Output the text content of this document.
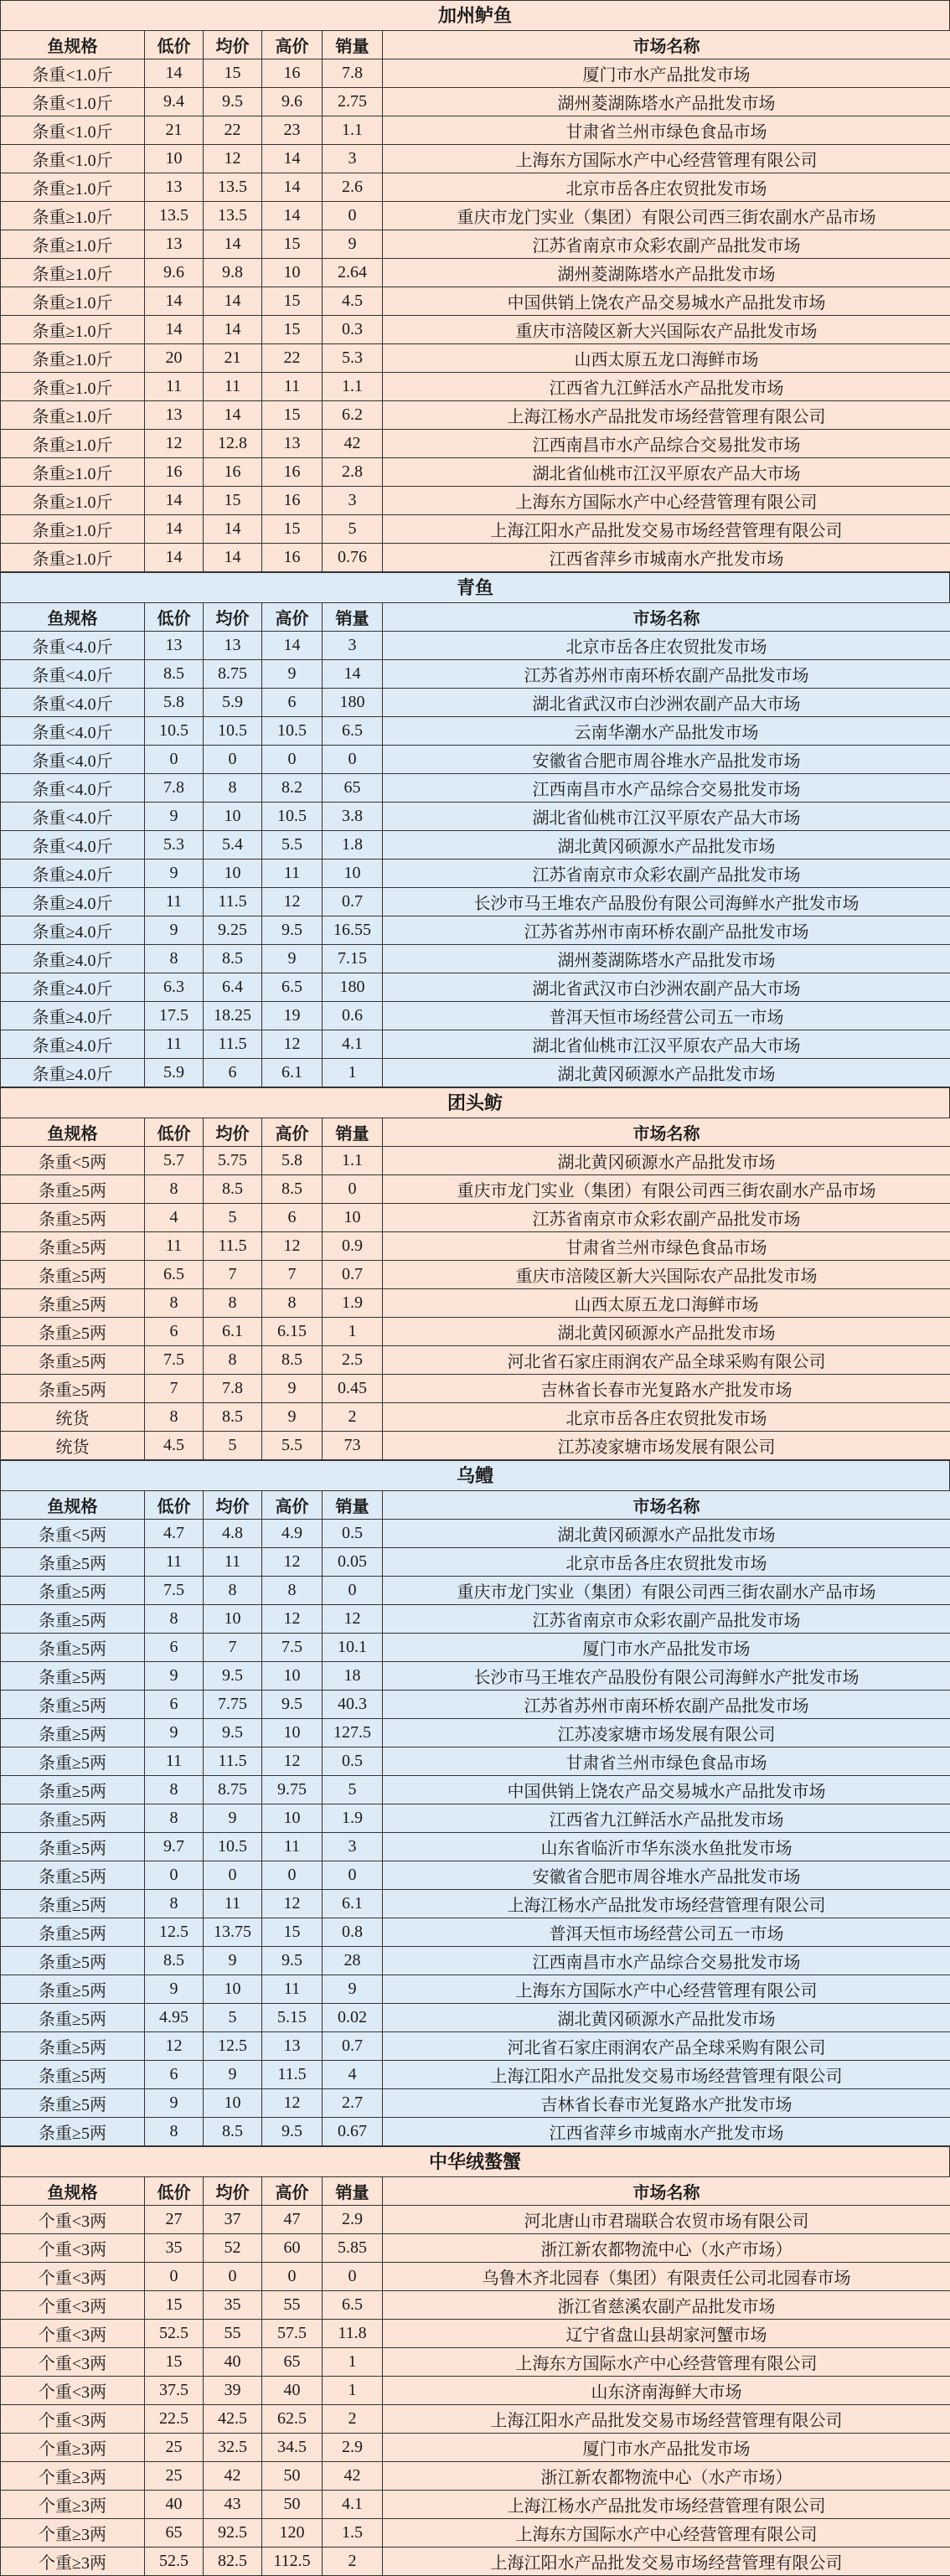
加州鲈鱼
鱼规格	低价	均价	高价	销量	市场名称
条重<1.0斤	14	15	16	7.8	厦门市水产品批发市场
条重<1.0斤	9.4	9.5	9.6	2.75	湖州菱湖陈塔水产品批发市场
条重<1.0斤	21	22	23	1.1	甘肃省兰州市绿色食品市场
条重<1.0斤	10	12	14	3	上海东方国际水产中心经营管理有限公司
条重≥1.0斤	13	13.5	14	2.6	北京市岳各庄农贸批发市场
条重≥1.0斤	13.5	13.5	14	0	重庆市龙门实业（集团）有限公司西三街农副水产品市场
条重≥1.0斤	13	14	15	9	江苏省南京市众彩农副产品批发市场
条重≥1.0斤	9.6	9.8	10	2.64	湖州菱湖陈塔水产品批发市场
条重≥1.0斤	14	14	15	4.5	中国供销上饶农产品交易城水产品批发市场
条重≥1.0斤	14	14	15	0.3	重庆市涪陵区新大兴国际农产品批发市场
条重≥1.0斤	20	21	22	5.3	山西太原五龙口海鲜市场
条重≥1.0斤	11	11	11	1.1	江西省九江鲜活水产品批发市场
条重≥1.0斤	13	14	15	6.2	上海江杨水产品批发市场经营管理有限公司
条重≥1.0斤	12	12.8	13	42	江西南昌市水产品综合交易批发市场
条重≥1.0斤	16	16	16	2.8	湖北省仙桃市江汉平原农产品大市场
条重≥1.0斤	14	15	16	3	上海东方国际水产中心经营管理有限公司
条重≥1.0斤	14	14	15	5	上海江阳水产品批发交易市场经营管理有限公司
条重≥1.0斤	14	14	16	0.76	江西省萍乡市城南水产批发市场
青鱼
鱼规格	低价	均价	高价	销量	市场名称
条重<4.0斤	13	13	14	3	北京市岳各庄农贸批发市场
条重<4.0斤	8.5	8.75	9	14	江苏省苏州市南环桥农副产品批发市场
条重<4.0斤	5.8	5.9	6	180	湖北省武汉市白沙洲农副产品大市场
条重<4.0斤	10.5	10.5	10.5	6.5	云南华潮水产品批发市场
条重<4.0斤	0	0	0	0	安徽省合肥市周谷堆水产品批发市场
条重<4.0斤	7.8	8	8.2	65	江西南昌市水产品综合交易批发市场
条重<4.0斤	9	10	10.5	3.8	湖北省仙桃市江汉平原农产品大市场
条重<4.0斤	5.3	5.4	5.5	1.8	湖北黄冈硕源水产品批发市场
条重≥4.0斤	9	10	11	10	江苏省南京市众彩农副产品批发市场
条重≥4.0斤	11	11.5	12	0.7	长沙市马王堆农产品股份有限公司海鲜水产批发市场
条重≥4.0斤	9	9.25	9.5	16.55	江苏省苏州市南环桥农副产品批发市场
条重≥4.0斤	8	8.5	9	7.15	湖州菱湖陈塔水产品批发市场
条重≥4.0斤	6.3	6.4	6.5	180	湖北省武汉市白沙洲农副产品大市场
条重≥4.0斤	17.5	18.25	19	0.6	普洱天恒市场经营公司五一市场
条重≥4.0斤	11	11.5	12	4.1	湖北省仙桃市江汉平原农产品大市场
条重≥4.0斤	5.9	6	6.1	1	湖北黄冈硕源水产品批发市场
团头鲂
鱼规格	低价	均价	高价	销量	市场名称
条重<5两	5.7	5.75	5.8	1.1	湖北黄冈硕源水产品批发市场
条重≥5两	8	8.5	8.5	0	重庆市龙门实业（集团）有限公司西三街农副水产品市场
条重≥5两	4	5	6	10	江苏省南京市众彩农副产品批发市场
条重≥5两	11	11.5	12	0.9	甘肃省兰州市绿色食品市场
条重≥5两	6.5	7	7	0.7	重庆市涪陵区新大兴国际农产品批发市场
条重≥5两	8	8	8	1.9	山西太原五龙口海鲜市场
条重≥5两	6	6.1	6.15	1	湖北黄冈硕源水产品批发市场
条重≥5两	7.5	8	8.5	2.5	河北省石家庄雨润农产品全球采购有限公司
条重≥5两	7	7.8	9	0.45	吉林省长春市光复路水产批发市场
统货	8	8.5	9	2	北京市岳各庄农贸批发市场
统货	4.5	5	5.5	73	江苏凌家塘市场发展有限公司
乌鳢
鱼规格	低价	均价	高价	销量	市场名称
条重<5两	4.7	4.8	4.9	0.5	湖北黄冈硕源水产品批发市场
条重≥5两	11	11	12	0.05	北京市岳各庄农贸批发市场
条重≥5两	7.5	8	8	0	重庆市龙门实业（集团）有限公司西三街农副水产品市场
条重≥5两	8	10	12	12	江苏省南京市众彩农副产品批发市场
条重≥5两	6	7	7.5	10.1	厦门市水产品批发市场
条重≥5两	9	9.5	10	18	长沙市马王堆农产品股份有限公司海鲜水产批发市场
条重≥5两	6	7.75	9.5	40.3	江苏省苏州市南环桥农副产品批发市场
条重≥5两	9	9.5	10	127.5	江苏凌家塘市场发展有限公司
条重≥5两	11	11.5	12	0.5	甘肃省兰州市绿色食品市场
条重≥5两	8	8.75	9.75	5	中国供销上饶农产品交易城水产品批发市场
条重≥5两	8	9	10	1.9	江西省九江鲜活水产品批发市场
条重≥5两	9.7	10.5	11	3	山东省临沂市华东淡水鱼批发市场
条重≥5两	0	0	0	0	安徽省合肥市周谷堆水产品批发市场
条重≥5两	8	11	12	6.1	上海江杨水产品批发市场经营管理有限公司
条重≥5两	12.5	13.75	15	0.8	普洱天恒市场经营公司五一市场
条重≥5两	8.5	9	9.5	28	江西南昌市水产品综合交易批发市场
条重≥5两	9	10	11	9	上海东方国际水产中心经营管理有限公司
条重≥5两	4.95	5	5.15	0.02	湖北黄冈硕源水产品批发市场
条重≥5两	12	12.5	13	0.7	河北省石家庄雨润农产品全球采购有限公司
条重≥5两	6	9	11.5	4	上海江阳水产品批发交易市场经营管理有限公司
条重≥5两	9	10	12	2.7	吉林省长春市光复路水产批发市场
条重≥5两	8	8.5	9.5	0.67	江西省萍乡市城南水产批发市场
中华绒螯蟹
鱼规格	低价	均价	高价	销量	市场名称
个重<3两	27	37	47	2.9	河北唐山市君瑞联合农贸市场有限公司
个重<3两	35	52	60	5.85	浙江新农都物流中心（水产市场）
个重<3两	0	0	0	0	乌鲁木齐北园春（集团）有限责任公司北园春市场
个重<3两	15	35	55	6.5	浙江省慈溪农副产品批发市场
个重<3两	52.5	55	57.5	11.8	辽宁省盘山县胡家河蟹市场
个重<3两	15	40	65	1	上海东方国际水产中心经营管理有限公司
个重<3两	37.5	39	40	1	山东济南海鲜大市场
个重<3两	22.5	42.5	62.5	2	上海江阳水产品批发交易市场经营管理有限公司
个重≥3两	25	32.5	34.5	2.9	厦门市水产品批发市场
个重≥3两	25	42	50	42	浙江新农都物流中心（水产市场）
个重≥3两	40	43	50	4.1	上海江杨水产品批发市场经营管理有限公司
个重≥3两	65	92.5	120	1.5	上海东方国际水产中心经营管理有限公司
个重≥3两	52.5	82.5	112.5	2	上海江阳水产品批发交易市场经营管理有限公司
